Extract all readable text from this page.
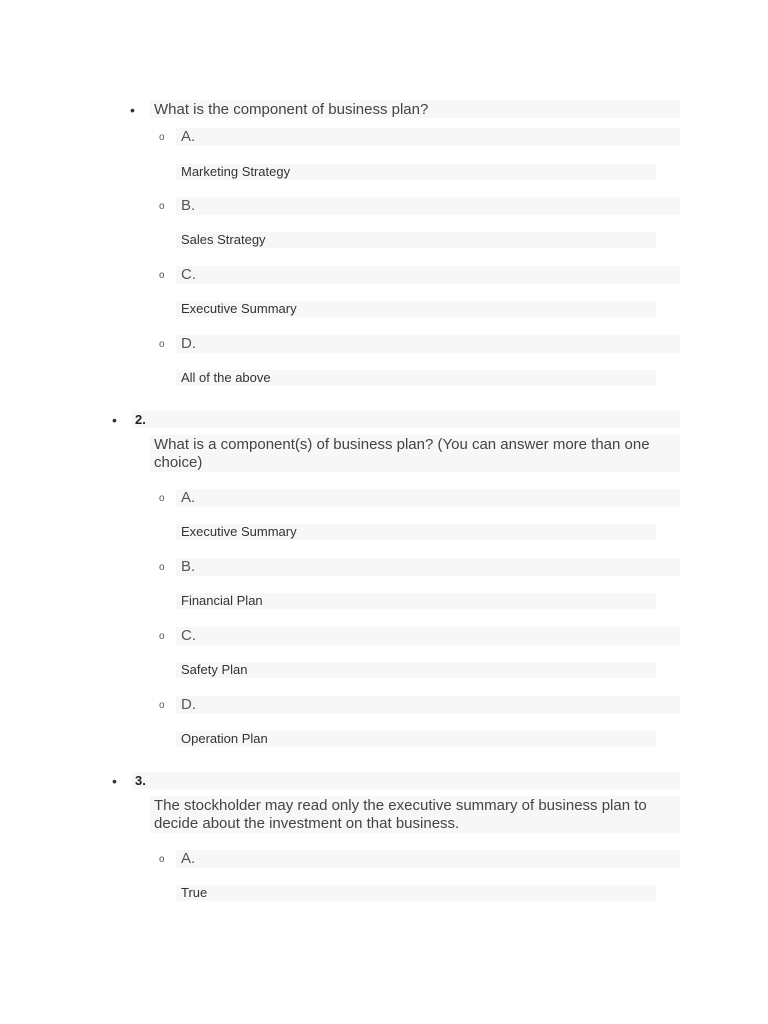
• What is the component of business plan?
o A.
Marketing Strategy
o B.
Sales Strategy
o C.
Executive Summary
o D.
All of the above
• 2.
What is a component(s) of business plan? (You can answer more than one choice)
o A.
Executive Summary
o B.
Financial Plan
o C.
Safety Plan
o D.
Operation Plan
• 3.
The stockholder may read only the executive summary of business plan to decide about the investment on that business.
o A.
True
